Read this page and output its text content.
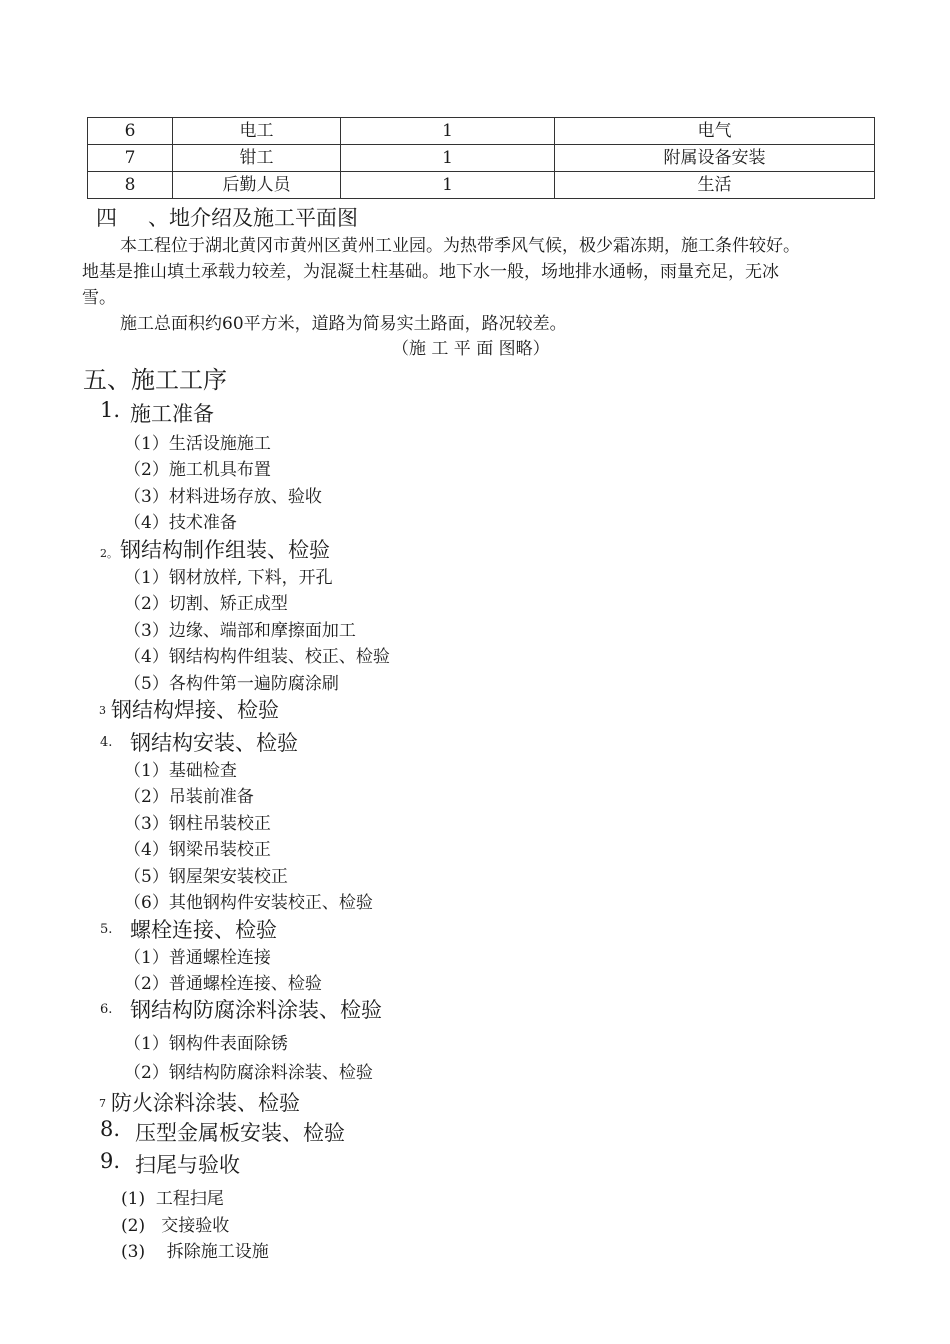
6	电工	1	电气
7	钳工	1	附属设备安装
8	后勤人员	1	生活
四 、地介绍及施工平面图
本工程位于湖北黄冈市黄州区黄州工业园。为热带季风气候，极少霜冻期，施工条件较好。
地基是推山填土承载力较差，为混凝土柱基础。地下水一般，场地排水通畅，雨量充足，无冰
雪。
施工总面积约60平方米，道路为简易实土路面，路况较差。
（施 工 平 面 图略）
五、施工工序
1. 施工准备
（1）生活设施施工
（2）施工机具布置
（3）材料进场存放、验收
（4）技术准备
2。 钢结构制作组装、检验
（1）钢材放样, 下料，开孔
（2）切割、矫正成型
（3）边缘、端部和摩擦面加工
（4）钢结构构件组装、校正、检验
（5）各构件第一遍防腐涂刷
3 钢结构焊接、检验
4. 钢结构安装、检验
（1）基础检查
（2）吊装前准备
（3）钢柱吊装校正
（4）钢梁吊装校正
（5）钢屋架安装校正
（6）其他钢构件安装校正、检验
5. 螺栓连接、检验
（1）普通螺栓连接
（2）普通螺栓连接、检验
6. 钢结构防腐涂料涂装、检验
（1）钢构件表面除锈
（2）钢结构防腐涂料涂装、检验
7 防火涂料涂装、检验
8. 压型金属板安装、检验
9. 扫尾与验收
(1)  工程扫尾
(2)   交接验收
(3)    拆除施工设施
